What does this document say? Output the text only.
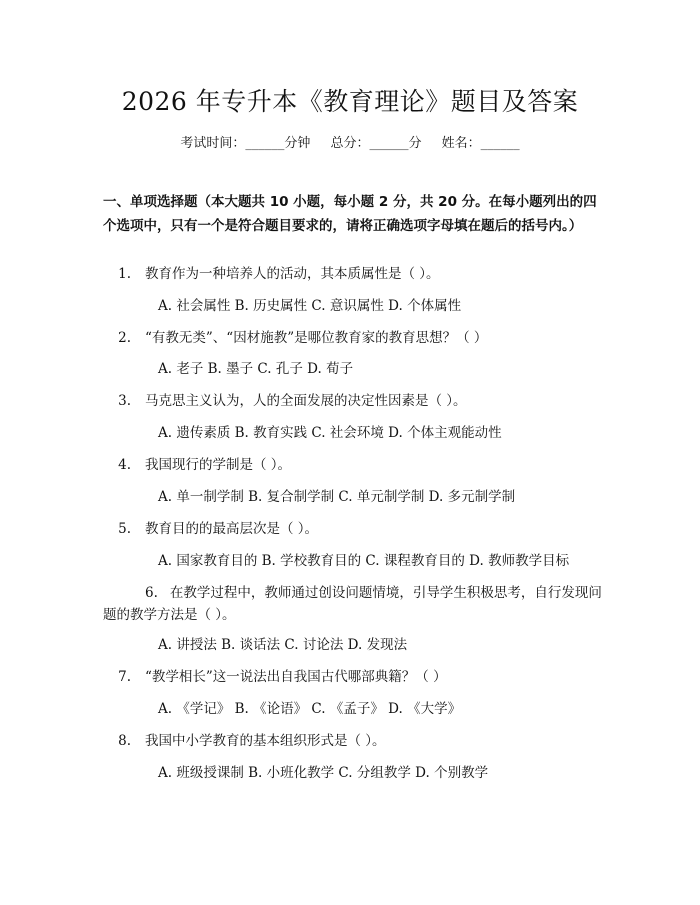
2026 年专升本《教育理论》题目及答案
考试时间：______分钟 总分：______分 姓名：______
一、单项选择题（本大题共 10 小题，每小题 2 分，共 20 分。在每小题列出的四个选项中，只有一个是符合题目要求的，请将正确选项字母填在题后的括号内。）
1. 教育作为一种培养人的活动，其本质属性是（ ）。
A. 社会属性 B. 历史属性 C. 意识属性 D. 个体属性
2. “有教无类”、“因材施教”是哪位教育家的教育思想？（ ）
A. 老子 B. 墨子 C. 孔子 D. 荀子
3. 马克思主义认为，人的全面发展的决定性因素是（ ）。
A. 遗传素质 B. 教育实践 C. 社会环境 D. 个体主观能动性
4. 我国现行的学制是（ ）。
A. 单一制学制 B. 复合制学制 C. 单元制学制 D. 多元制学制
5. 教育目的的最高层次是（ ）。
A. 国家教育目的 B. 学校教育目的 C. 课程教育目的 D. 教师教学目标
6. 在教学过程中，教师通过创设问题情境，引导学生积极思考，自行发现问题的教学方法是（ ）。
A. 讲授法 B. 谈话法 C. 讨论法 D. 发现法
7. “教学相长”这一说法出自我国古代哪部典籍？（ ）
A. 《学记》 B. 《论语》 C. 《孟子》 D. 《大学》
8. 我国中小学教育的基本组织形式是（ ）。
A. 班级授课制 B. 小班化教学 C. 分组教学 D. 个别教学
